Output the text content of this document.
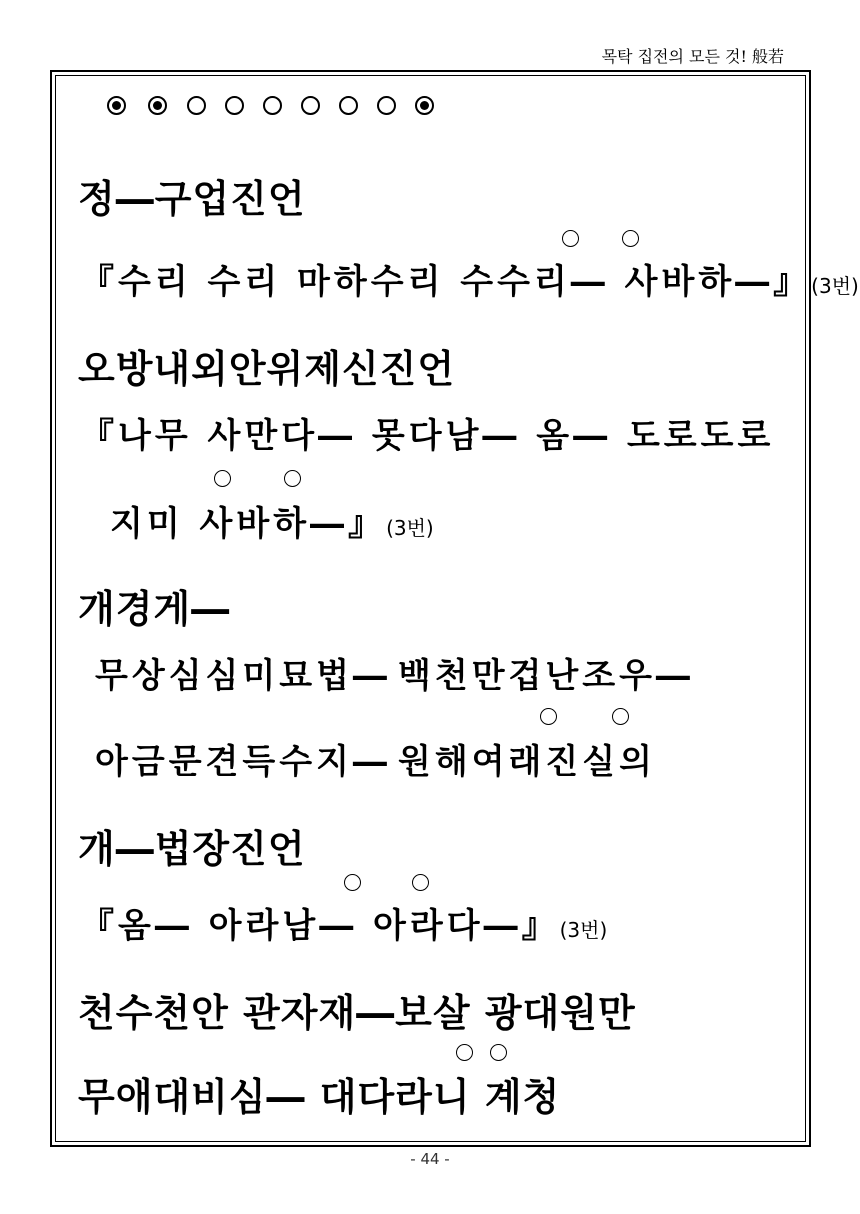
목탁 집전의 모든 것! 般若
정―구업진언
『수리 수리 마하수리 수수리― 사바하―』(3번)
오방내외안위제신진언
『나무 사만다― 못다남― 옴― 도로도로
지미 사바하―』(3번)
개경게―
무상심심미묘법― 백천만겁난조우―
아금문견득수지― 원해여래진실의
개―법장진언
『옴― 아라남― 아라다―』(3번)
천수천안 관자재―보살 광대원만
무애대비심― 대다라니 계청
- 44 -
